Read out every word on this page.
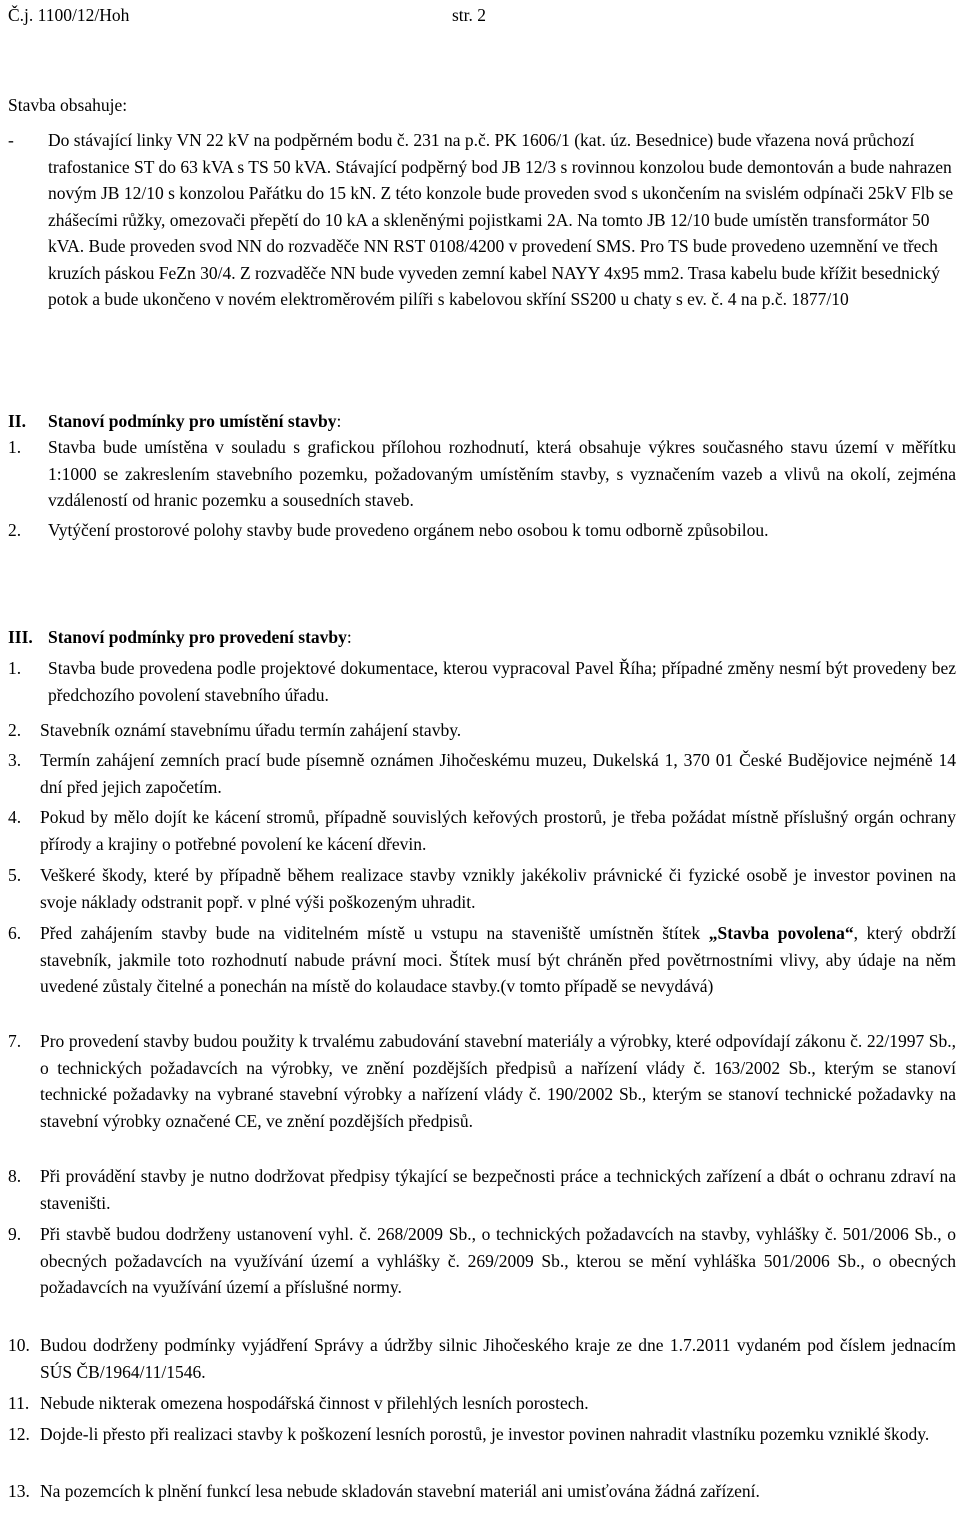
Č.j. 1100/12/Hoh	str. 2
Stavba obsahuje:
- Do stávající linky VN 22 kV na podpěrném bodu č. 231 na p.č. PK 1606/1 (kat. úz. Besednice) bude vřazena nová průchozí trafostanice ST do 63 kVA s TS 50 kVA. Stávající podpěrný bod JB 12/3 s rovinnou konzolou bude demontován a bude nahrazen novým JB 12/10 s konzolou Pařátku do 15 kN. Z této konzole bude proveden svod s ukončením na svislém odpínači 25kV Flb se zhášecími růžky, omezovači přepětí do 10 kA a skleněnými pojistkami 2A. Na tomto JB 12/10 bude umístěn transformátor 50 kVA. Bude proveden svod NN do rozvaděče NN RST 0108/4200 v provedení SMS. Pro TS bude provedeno uzemnění ve třech kruzích páskou FeZn 30/4. Z rozvaděče NN bude vyveden zemní kabel NAYY 4x95 mm2. Trasa kabelu bude křížit besednický potok a bude ukončeno v novém elektroměrovém pilíři s kabelovou skříní SS200 u chaty s ev. č. 4 na p.č. 1877/10
II. Stanoví podmínky pro umístění stavby:
1. Stavba bude umístěna v souladu s grafickou přílohou rozhodnutí, která obsahuje výkres současného stavu území v měřítku 1:1000 se zakreslením stavebního pozemku, požadovaným umístěním stavby, s vyznačením vazeb a vlivů na okolí, zejména vzdáleností od hranic pozemku a sousedních staveb.
2. Vytýčení prostorové polohy stavby bude provedeno orgánem nebo osobou k tomu odborně způsobilou.
III. Stanoví podmínky pro provedení stavby:
1. Stavba bude provedena podle projektové dokumentace, kterou vypracoval Pavel Říha; případné změny nesmí být provedeny bez předchozího povolení stavebního úřadu.
2. Stavebník oznámí stavebnímu úřadu termín zahájení stavby.
3. Termín zahájení zemních prací bude písemně oznámen Jihočeskému muzeu, Dukelská 1, 370 01 České Budějovice nejméně 14 dní před jejich započetím.
4. Pokud by mělo dojít ke kácení stromů, případně souvislých keřových prostorů, je třeba požádat místně příslušný orgán ochrany přírody a krajiny o potřebné povolení ke kácení dřevin.
5. Veškeré škody, které by případně během realizace stavby vznikly jakékoliv právnické či fyzické osobě je investor povinen na svoje náklady odstranit popř. v plné výši poškozeným uhradit.
6. Před zahájením stavby bude na viditelném místě u vstupu na staveniště umístněn štítek „Stavba povolena“, který obdrží stavebník, jakmile toto rozhodnutí nabude právní moci. Štítek musí být chráněn před povětrnostními vlivy, aby údaje na něm uvedené zůstaly čitelné a ponechán na místě do kolaudace stavby.(v tomto případě se nevydává)
7. Pro provedení stavby budou použity k trvalému zabudování stavební materiály a výrobky, které odpovídají zákonu č. 22/1997 Sb., o technických požadavcích na výrobky, ve znění pozdějších předpisů a nařízení vlády č. 163/2002 Sb., kterým se stanoví technické požadavky na vybrané stavební výrobky a nařízení vlády č. 190/2002 Sb., kterým se stanoví technické požadavky na stavební výrobky označené CE, ve znění pozdějších předpisů.
8. Při provádění stavby je nutno dodržovat předpisy týkající se bezpečnosti práce a technických zařízení a dbát o ochranu zdraví na staveništi.
9. Při stavbě budou dodrženy ustanovení vyhl. č. 268/2009 Sb., o technických požadavcích na stavby, vyhlášky č. 501/2006 Sb., o obecných požadavcích na využívání území a vyhlášky č. 269/2009 Sb., kterou se mění vyhláška 501/2006 Sb., o obecných požadavcích na využívání území a příslušné normy.
10. Budou dodrženy podmínky vyjádření Správy a údržby silnic Jihočeského kraje ze dne 1.7.2011 vydaném pod číslem jednacím SÚS ČB/1964/11/1546.
11. Nebude nikterak omezena hospodářská činnost v přilehlých lesních porostech.
12. Dojde-li přesto při realizaci stavby k poškození lesních porostů, je investor povinen nahradit vlastníku pozemku vzniklé škody.
13. Na pozemcích k plnění funkcí lesa nebude skladován stavební materiál ani umisťována žádná zařízení.
